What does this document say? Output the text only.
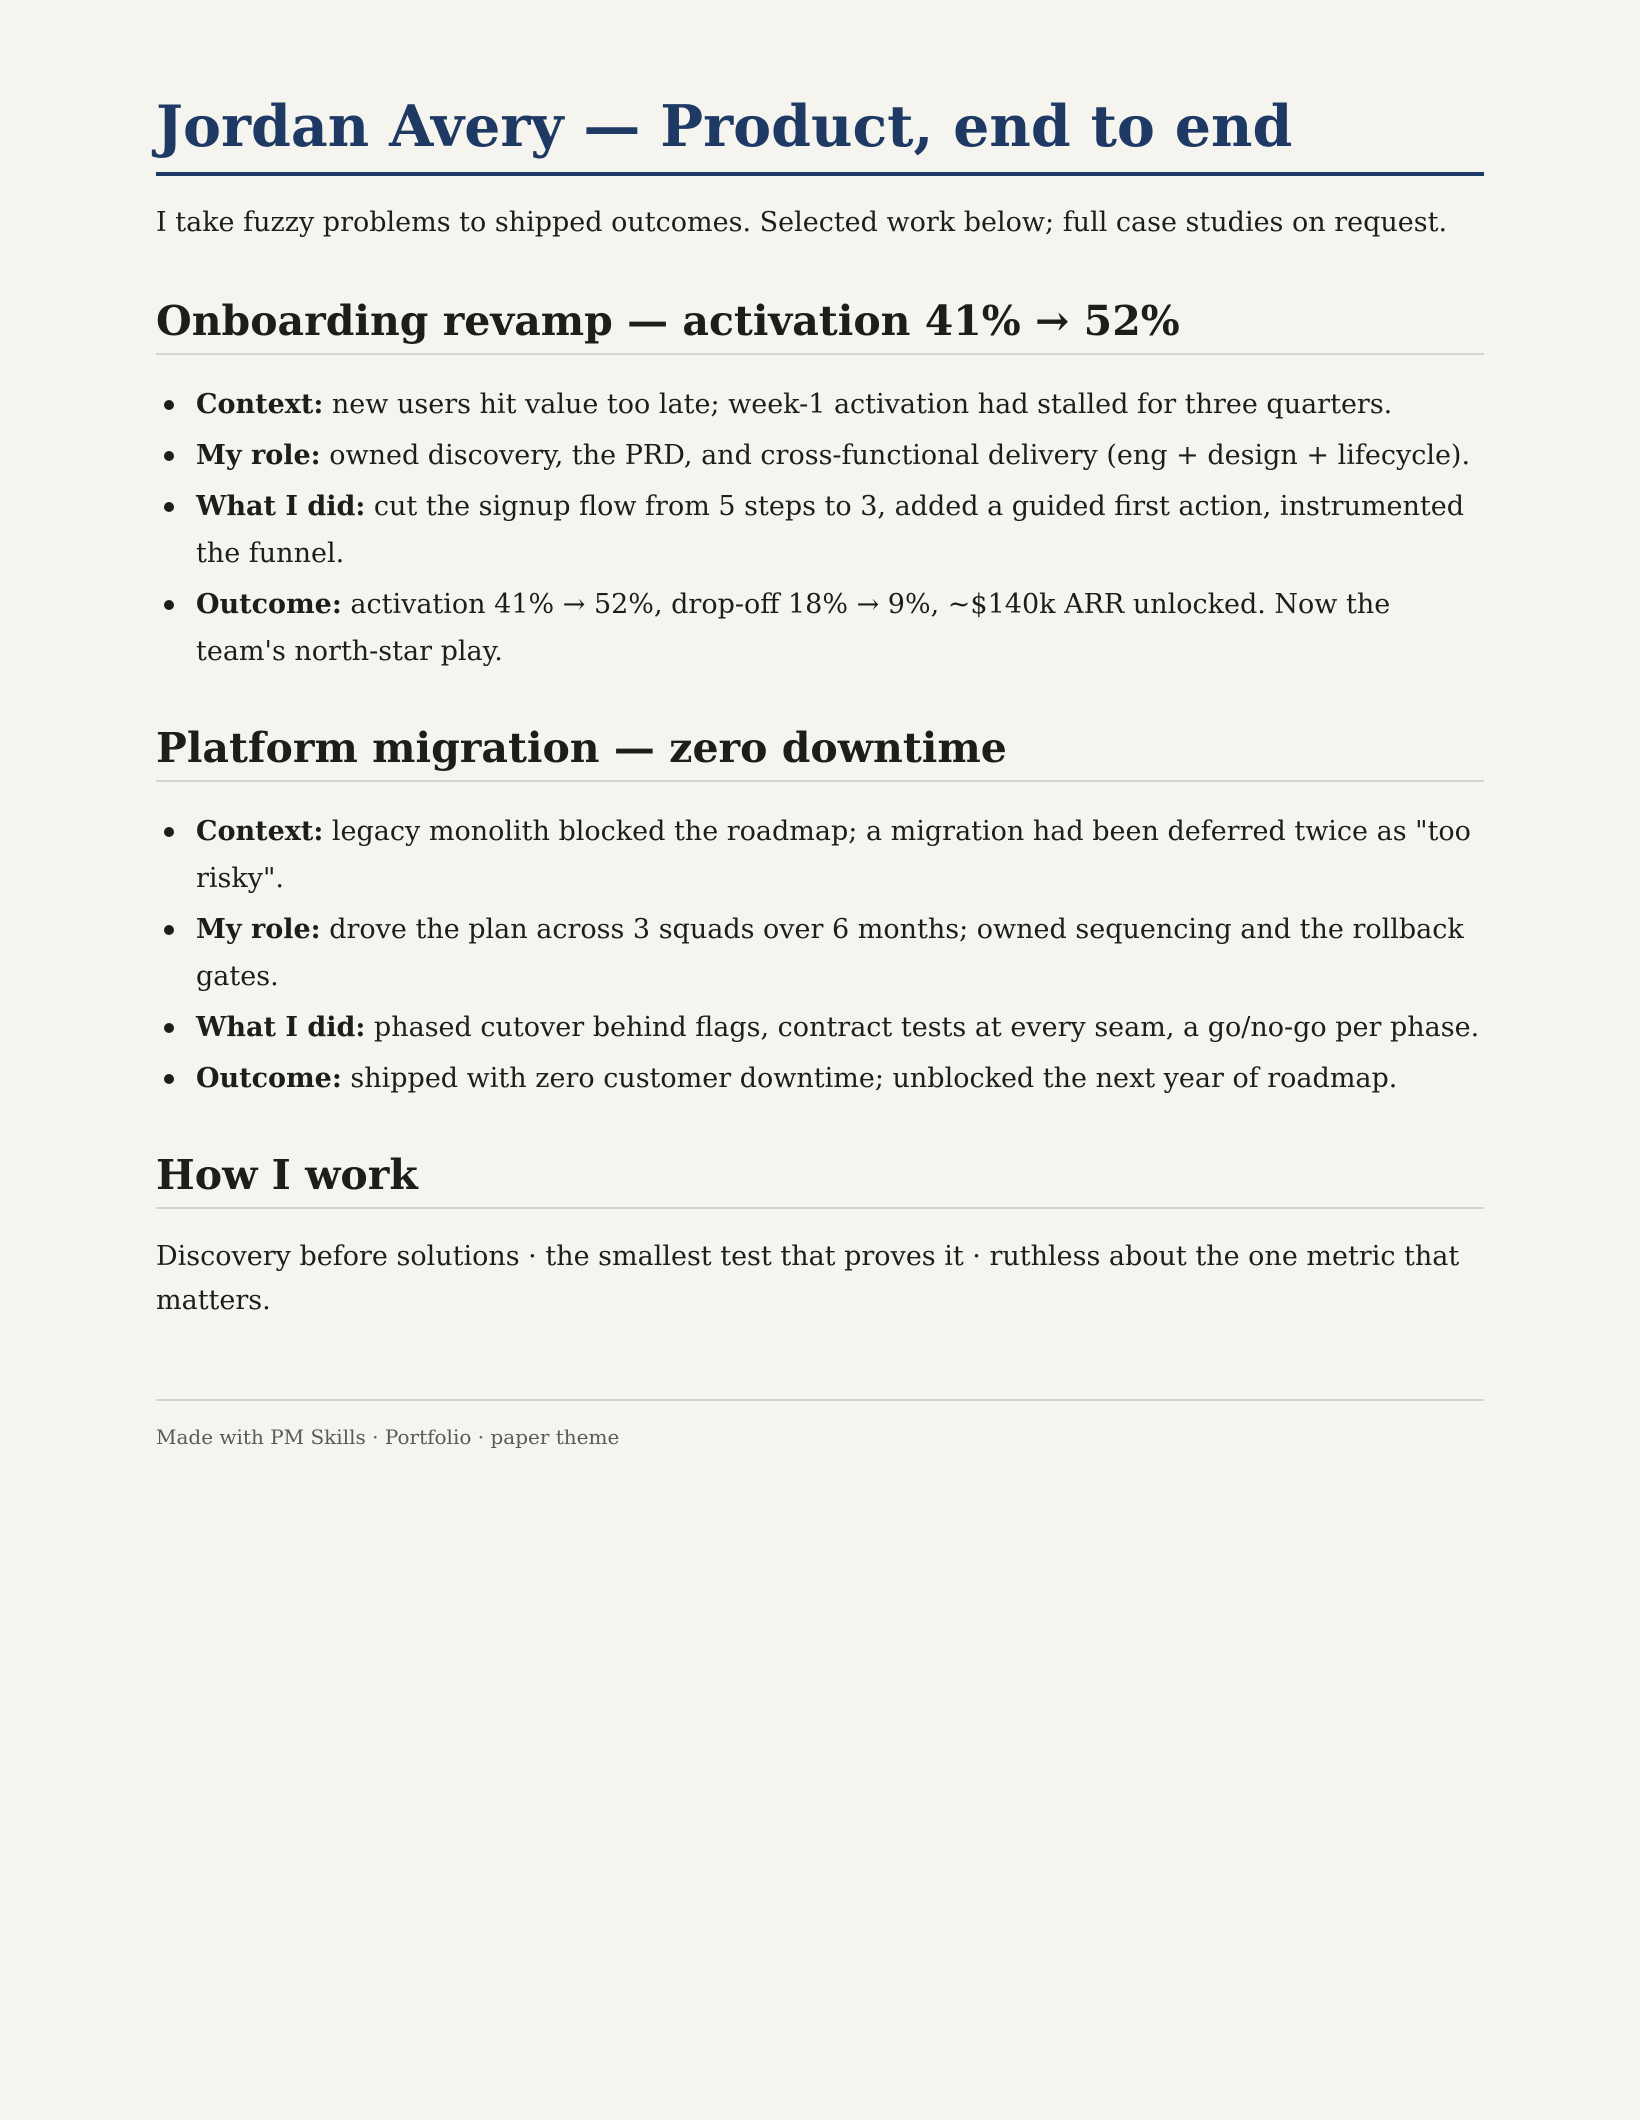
Jordan Avery — Product, end to end

I take fuzzy problems to shipped outcomes. Selected work below; full case studies on request.

Onboarding revamp — activation 41% → 52%
Context: new users hit value too late; week-1 activation had stalled for three quarters.
My role: owned discovery, the PRD, and cross-functional delivery (eng + design + lifecycle).
What I did: cut the signup flow from 5 steps to 3, added a guided first action, instrumented the funnel.
Outcome: activation 41% → 52%, drop-off 18% → 9%, ~$140k ARR unlocked. Now the team's north-star play.
Platform migration — zero downtime
Context: legacy monolith blocked the roadmap; a migration had been deferred twice as "too risky".
My role: drove the plan across 3 squads over 6 months; owned sequencing and the rollback gates.
What I did: phased cutover behind flags, contract tests at every seam, a go/no-go per phase.
Outcome: shipped with zero customer downtime; unblocked the next year of roadmap.
How I work

Discovery before solutions · the smallest test that proves it · ruthless about the one metric that matters.

Made with PM Skills · Portfolio · paper theme
